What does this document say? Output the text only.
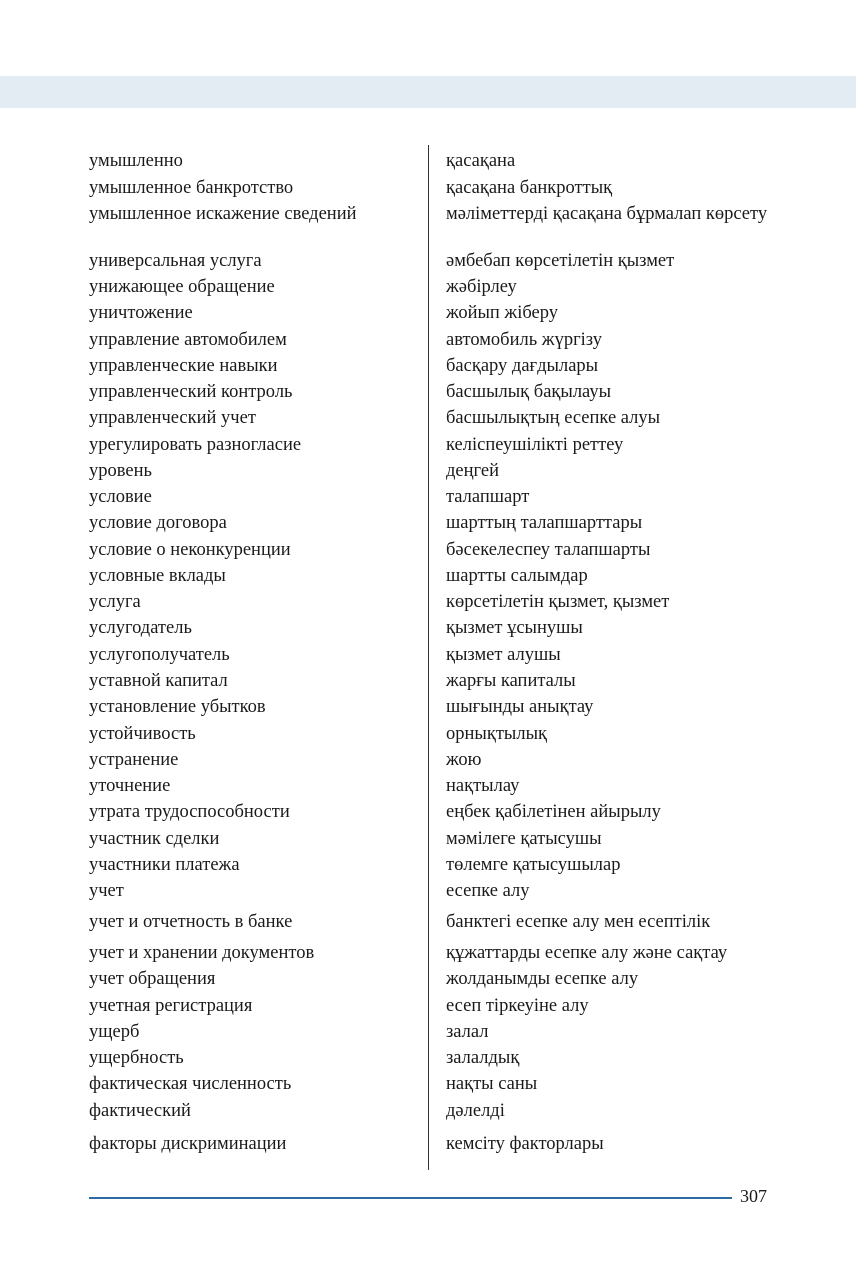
умышленно	қасақана
умышленное банкротство	қасақана банкроттық
умышленное искажение сведений	мәліметтерді қасақана бұрмалап көрсету
универсальная услуга	әмбебап көрсетілетін қызмет
унижающее обращение	жәбірлеу
уничтожение	жойып жіберу
управление автомобилем	автомобиль жүргізу
управленческие навыки	басқару дағдылары
управленческий контроль	басшылық бақылауы
управленческий учет	басшылықтың есепке алуы
урегулировать разногласие	келіспеушілікті реттеу
уровень	деңгей
условие	талапшарт
условие договора	шарттың талапшарттары
условие о неконкуренции	бәсекелеспеу талапшарты
условные вклады	шартты салымдар
услуга	көрсетілетін қызмет, қызмет
услугодатель	қызмет ұсынушы
услугополучатель	қызмет алушы
уставной капитал	жарғы капиталы
установление убытков	шығынды анықтау
устойчивость	орнықтылық
устранение	жою
уточнение	нақтылау
утрата трудоспособности	еңбек қабілетінен айырылу
участник сделки	мәмілеге қатысушы
участники платежа	төлемге қатысушылар
учет	есепке алу
учет и отчетность в банке	банктегі есепке алу мен есептілік
учет и хранении документов	құжаттарды есепке алу және сақтау
учет обращения	жолданымды есепке алу
учетная регистрация	есеп тіркеуіне алу
ущерб	залал
ущербность	залалдық
фактическая численность	нақты саны
фактический	дәлелді
факторы дискриминации	кемсіту факторлары
307
